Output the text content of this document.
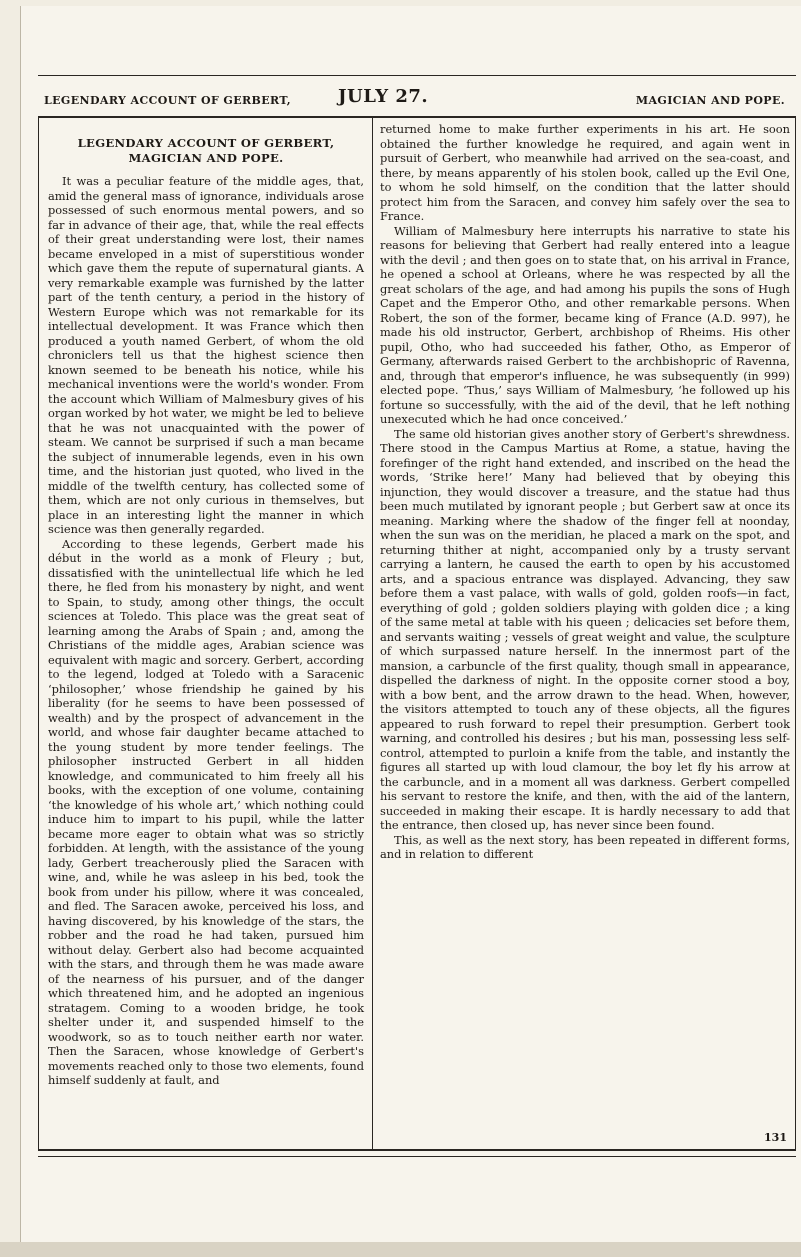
LEGENDARY ACCOUNT OF GERBERT,	JULY 27.	MAGICIAN AND POPE.
LEGENDARY ACCOUNT OF GERBERT, MAGICIAN AND POPE.

It was a peculiar feature of the middle ages, that, amid the general mass of ignorance, individuals arose possessed of such enormous mental powers, and so far in advance of their age, that, while the real effects of their great understanding were lost, their names became enveloped in a mist of superstitious wonder which gave them the repute of supernatural giants. A very remarkable example was furnished by the latter part of the tenth century, a period in the history of Western Europe which was not remarkable for its intellectual development. It was France which then produced a youth named Gerbert, of whom the old chroniclers tell us that the highest science then known seemed to be beneath his notice, while his mechanical inventions were the world's wonder. From the account which William of Malmesbury gives of his organ worked by hot water, we might be led to believe that he was not unacquainted with the power of steam. We cannot be surprised if such a man became the subject of innumerable legends, even in his own time, and the historian just quoted, who lived in the middle of the twelfth century, has collected some of them, which are not only curious in themselves, but place in an interesting light the manner in which science was then generally regarded.

According to these legends, Gerbert made his début in the world as a monk of Fleury ; but, dissatisfied with the unintellectual life which he led there, he fled from his monastery by night, and went to Spain, to study, among other things, the occult sciences at Toledo. This place was the great seat of learning among the Arabs of Spain ; and, among the Christians of the middle ages, Arabian science was equivalent with magic and sorcery. Gerbert, according to the legend, lodged at Toledo with a Saracenic ‘philosopher,’ whose friendship he gained by his liberality (for he seems to have been possessed of wealth) and by the prospect of advancement in the world, and whose fair daughter became attached to the young student by more tender feelings. The philosopher instructed Gerbert in all hidden knowledge, and communicated to him freely all his books, with the exception of one volume, containing ‘the knowledge of his whole art,’ which nothing could induce him to impart to his pupil, while the latter became more eager to obtain what was so strictly forbidden. At length, with the assistance of the young lady, Gerbert treacherously plied the Saracen with wine, and, while he was asleep in his bed, took the book from under his pillow, where it was concealed, and fled. The Saracen awoke, perceived his loss, and having discovered, by his knowledge of the stars, the robber and the road he had taken, pursued him without delay. Gerbert also had become acquainted with the stars, and through them he was made aware of the nearness of his pursuer, and of the danger which threatened him, and he adopted an ingenious stratagem. Coming to a wooden bridge, he took shelter under it, and suspended himself to the woodwork, so as to touch neither earth nor water. Then the Saracen, whose knowledge of Gerbert's movements reached only to those two elements, found himself suddenly at fault, and

returned home to make further experiments in his art. He soon obtained the further knowledge he required, and again went in pursuit of Gerbert, who meanwhile had arrived on the sea-coast, and there, by means apparently of his stolen book, called up the Evil One, to whom he sold himself, on the condition that the latter should protect him from the Saracen, and convey him safely over the sea to France.

William of Malmesbury here interrupts his narrative to state his reasons for believing that Gerbert had really entered into a league with the devil ; and then goes on to state that, on his arrival in France, he opened a school at Orleans, where he was respected by all the great scholars of the age, and had among his pupils the sons of Hugh Capet and the Emperor Otho, and other remarkable persons. When Robert, the son of the former, became king of France (A.D. 997), he made his old instructor, Gerbert, archbishop of Rheims. His other pupil, Otho, who had succeeded his father, Otho, as Emperor of Germany, afterwards raised Gerbert to the archbishopric of Ravenna, and, through that emperor's influence, he was subsequently (in 999) elected pope. ‘Thus,’ says William of Malmesbury, ‘he followed up his fortune so successfully, with the aid of the devil, that he left nothing unexecuted which he had once conceived.’

The same old historian gives another story of Gerbert's shrewdness. There stood in the Campus Martius at Rome, a statue, having the forefinger of the right hand extended, and inscribed on the head the words, ‘Strike here!’ Many had believed that by obeying this injunction, they would discover a treasure, and the statue had thus been much mutilated by ignorant people ; but Gerbert saw at once its meaning. Marking where the shadow of the finger fell at noonday, when the sun was on the meridian, he placed a mark on the spot, and returning thither at night, accompanied only by a trusty servant carrying a lantern, he caused the earth to open by his accustomed arts, and a spacious entrance was displayed. Advancing, they saw before them a vast palace, with walls of gold, golden roofs—in fact, everything of gold ; golden soldiers playing with golden dice ; a king of the same metal at table with his queen ; delicacies set before them, and servants waiting ; vessels of great weight and value, the sculpture of which surpassed nature herself. In the innermost part of the mansion, a carbuncle of the first quality, though small in appearance, dispelled the darkness of night. In the opposite corner stood a boy, with a bow bent, and the arrow drawn to the head. When, however, the visitors attempted to touch any of these objects, all the figures appeared to rush forward to repel their presumption. Gerbert took warning, and controlled his desires ; but his man, possessing less self-control, attempted to purloin a knife from the table, and instantly the figures all started up with loud clamour, the boy let fly his arrow at the carbuncle, and in a moment all was darkness. Gerbert compelled his servant to restore the knife, and then, with the aid of the lantern, succeeded in making their escape. It is hardly necessary to add that the entrance, then closed up, has never since been found.

This, as well as the next story, has been repeated in different forms, and in relation to different

131
